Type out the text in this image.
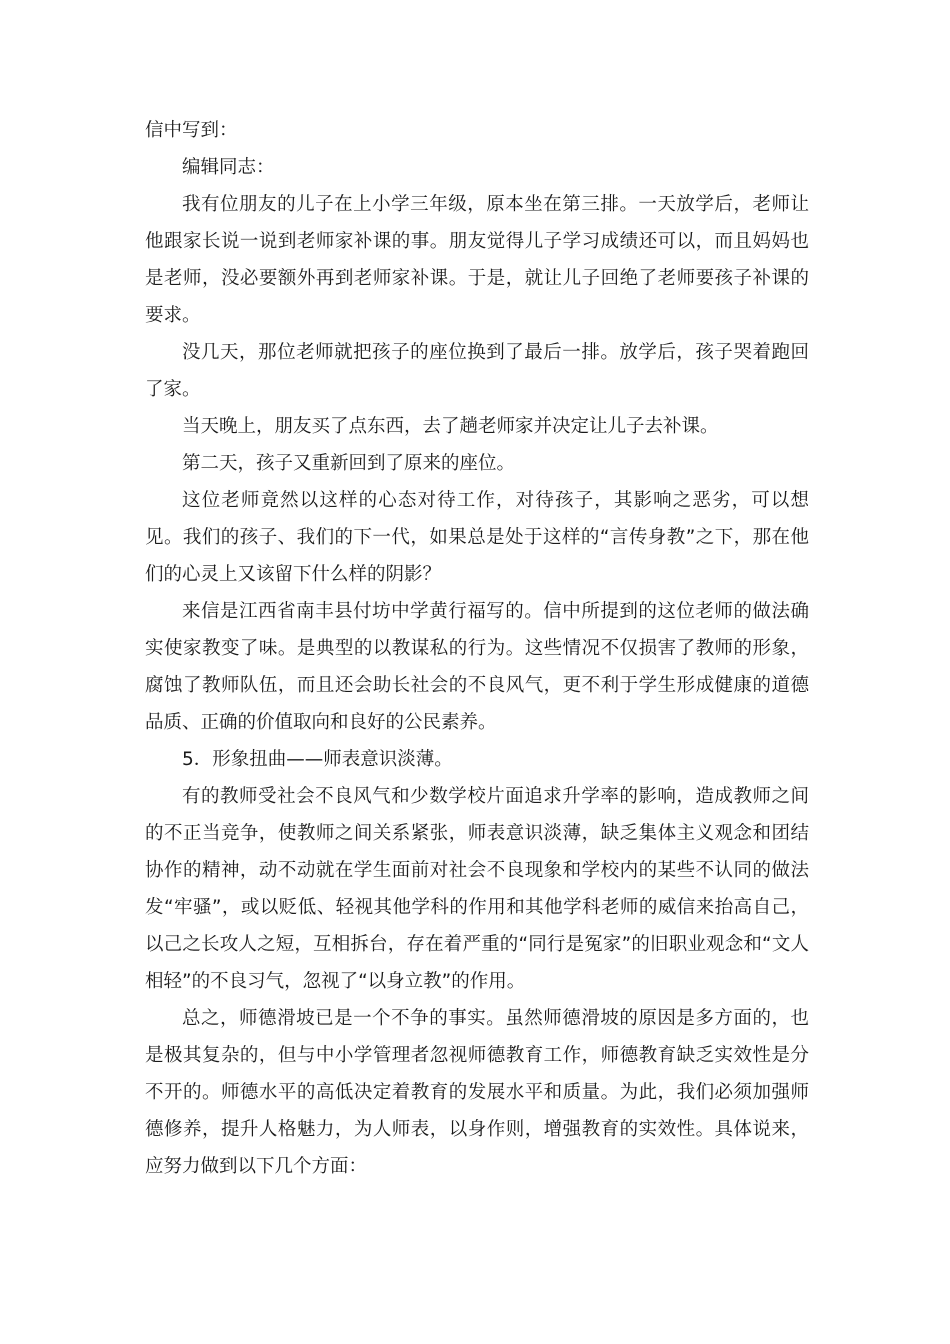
信中写到：

编辑同志：

我有位朋友的儿子在上小学三年级，原本坐在第三排。一天放学后，老师让他跟家长说一说到老师家补课的事。朋友觉得儿子学习成绩还可以，而且妈妈也是老师，没必要额外再到老师家补课。于是，就让儿子回绝了老师要孩子补课的要求。

没几天，那位老师就把孩子的座位换到了最后一排。放学后，孩子哭着跑回了家。

当天晚上，朋友买了点东西，去了趟老师家并决定让儿子去补课。

第二天，孩子又重新回到了原来的座位。

这位老师竟然以这样的心态对待工作，对待孩子，其影响之恶劣，可以想见。我们的孩子、我们的下一代，如果总是处于这样的“言传身教”之下，那在他们的心灵上又该留下什么样的阴影？

来信是江西省南丰县付坊中学黄行福写的。信中所提到的这位老师的做法确实使家教变了味。是典型的以教谋私的行为。这些情况不仅损害了教师的形象，腐蚀了教师队伍，而且还会助长社会的不良风气，更不利于学生形成健康的道德品质、正确的价值取向和良好的公民素养。

5．形象扭曲——师表意识淡薄。

有的教师受社会不良风气和少数学校片面追求升学率的影响，造成教师之间的不正当竞争，使教师之间关系紧张，师表意识淡薄，缺乏集体主义观念和团结协作的精神，动不动就在学生面前对社会不良现象和学校内的某些不认同的做法发“牢骚”，或以贬低、轻视其他学科的作用和其他学科老师的威信来抬高自己，以己之长攻人之短，互相拆台，存在着严重的“同行是冤家”的旧职业观念和“文人相轻”的不良习气，忽视了“以身立教”的作用。

总之，师德滑坡已是一个不争的事实。虽然师德滑坡的原因是多方面的，也是极其复杂的，但与中小学管理者忽视师德教育工作，师德教育缺乏实效性是分不开的。师德水平的高低决定着教育的发展水平和质量。为此，我们必须加强师德修养，提升人格魅力，为人师表，以身作则，增强教育的实效性。具体说来，应努力做到以下几个方面：
